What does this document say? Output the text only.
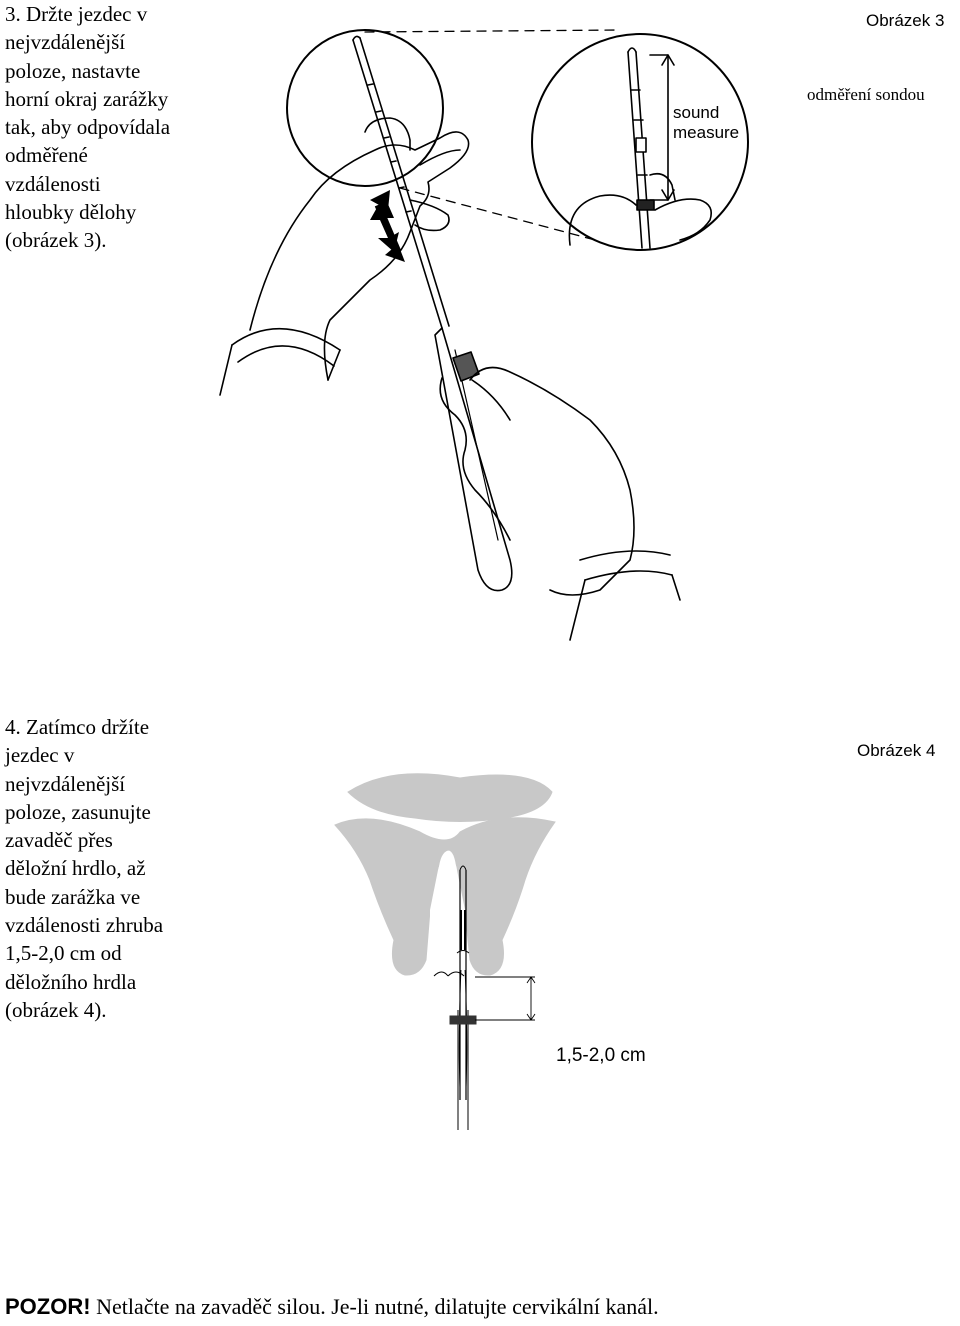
3. Držte jezdec v
nejvzdálenější
poloze, nastavte
horní okraj zarážky
tak, aby odpovídala
odměřené
vzdálenosti
hloubky dělohy
(obrázek 3).
Obrázek 3
odměření sondou
sound
measure
4. Zatímco držíte
jezdec v
nejvzdálenější
poloze, zasunujte
zavaděč přes
děložní hrdlo, až
bude zarážka ve
vzdálenosti zhruba
1,5-2,0 cm od
děložního hrdla
(obrázek 4).
Obrázek 4
1,5-2,0 cm
POZOR! Netlačte na zavaděč silou. Je-li nutné, dilatujte cervikální kanál.
